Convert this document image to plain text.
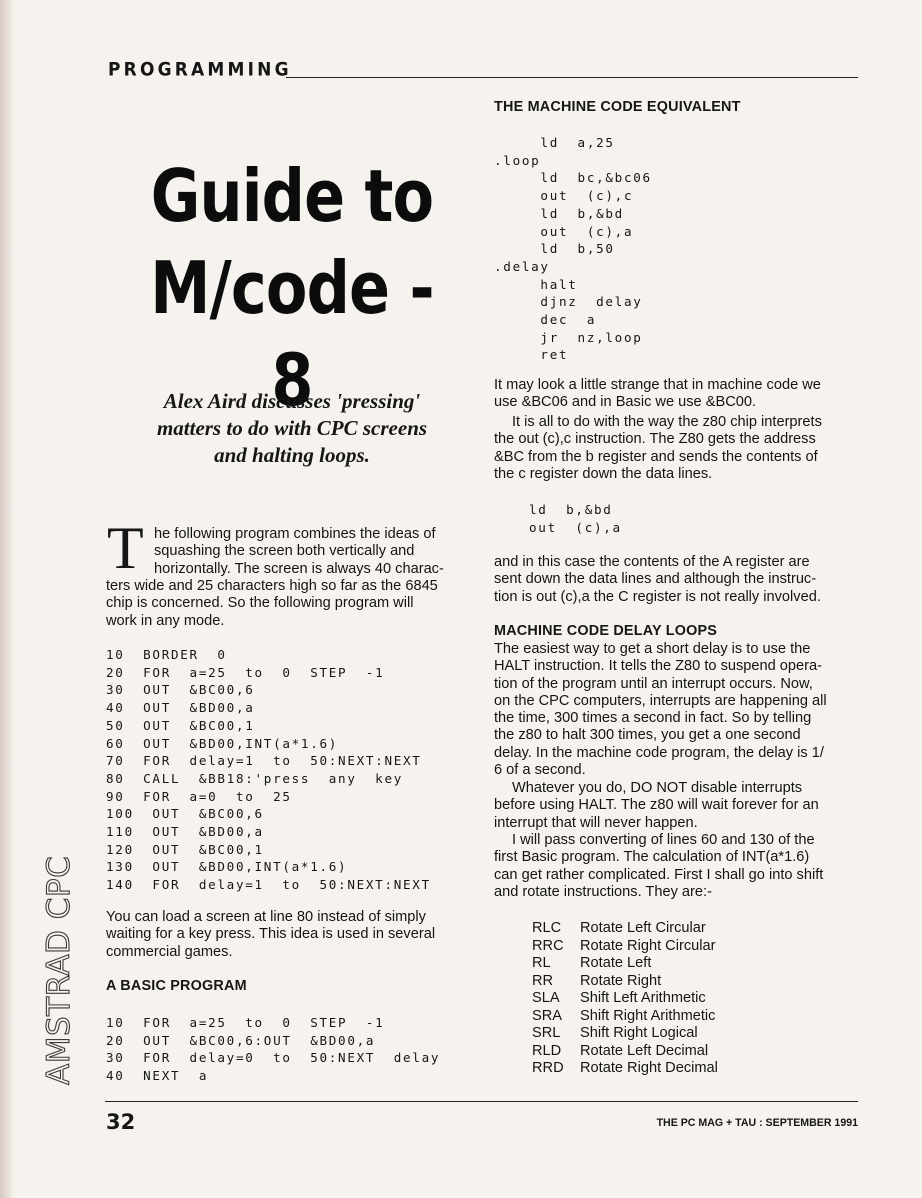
PROGRAMMING
Guide to
M/code - 8

Alex Aird discusses 'pressing'
matters to do with CPC screens
and halting loops.

T he following program combines the ideas of
squashing the screen both vertically and
horizontally. The screen is always 40 charac-

ters wide and 25 characters high so far as the 6845
chip is concerned. So the following program will
work in any mode.

10  BORDER  0
20  FOR  a=25  to  0  STEP  -1
30  OUT  &BC00,6
40  OUT  &BD00,a
50  OUT  &BC00,1
60  OUT  &BD00,INT(a*1.6)
70  FOR  delay=1  to  50:NEXT:NEXT
80  CALL  &BB18:'press  any  key
90  FOR  a=0  to  25
100  OUT  &BC00,6
110  OUT  &BD00,a
120  OUT  &BC00,1
130  OUT  &BD00,INT(a*1.6)
140  FOR  delay=1  to  50:NEXT:NEXT

You can load a screen at line 80 instead of simply
waiting for a key press. This idea is used in several
commercial games.

A BASIC PROGRAM
10  FOR  a=25  to  0  STEP  -1
20  OUT  &BC00,6:OUT  &BD00,a
30  FOR  delay=0  to  50:NEXT  delay
40  NEXT  a
THE MACHINE CODE EQUIVALENT
ld  a,25
.loop
ld  bc,&bc06
out  (c),c
ld  b,&bd
out  (c),a
ld  b,50
.delay
halt
djnz  delay
dec  a
jr  nz,loop
ret

It may look a little strange that in machine code we
use &BC06 and in Basic we use &BC00.

It is all to do with the way the z80 chip interprets
the out (c),c instruction. The Z80 gets the address
&BC from the b register and sends the contents of
the c register down the data lines.

ld  b,&bd
out  (c),a

and in this case the contents of the A register are
sent down the data lines and although the instruc-
tion is out (c),a the C register is not really involved.

MACHINE CODE DELAY LOOPS

The easiest way to get a short delay is to use the
HALT instruction. It tells the Z80 to suspend opera-
tion of the program until an interrupt occurs. Now,
on the CPC computers, interrupts are happening all
the time, 300 times a second in fact. So by telling
the z80 to halt 300 times, you get a one second
delay. In the machine code program, the delay is 1/
6 of a second.

Whatever you do, DO NOT disable interrupts
before using HALT. The z80 will wait forever for an
interrupt that will never happen.

I will pass converting of lines 60 and 130 of the
first Basic program. The calculation of INT(a*1.6)
can get rather complicated. First I shall go into shift
and rotate instructions. They are:-

RLC	Rotate Left Circular
RRC	Rotate Right Circular
RL	Rotate Left
RR	Rotate Right
SLA	Shift Left Arithmetic
SRA	Shift Right Arithmetic
SRL	Shift Right Logical
RLD	Rotate Left Decimal
RRD	Rotate Right Decimal
AMSTRAD CPC
32	THE PC MAG + TAU : SEPTEMBER 1991
